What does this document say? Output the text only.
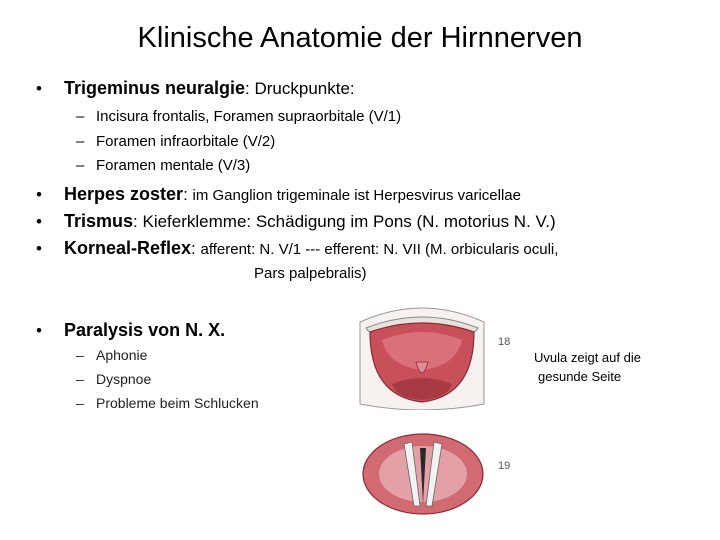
Klinische Anatomie der Hirnnerven
• Trigeminus neuralgie: Druckpunkte:
– Incisura frontalis, Foramen supraorbitale (V/1)
– Foramen infraorbitale (V/2)
– Foramen mentale (V/3)
• Herpes zoster: im Ganglion trigeminale ist Herpesvirus varicellae
• Trismus: Kieferklemme: Schädigung im Pons (N. motorius N. V.)
• Korneal-Reflex: afferent: N. V/1 --- efferent: N. VII (M. orbicularis oculi,
Pars palpebralis)
• Paralysis von N. X.
– Aphonie
– Dyspnoe
– Probleme beim Schlucken
18
19
Uvula zeigt auf die
gesunde Seite
